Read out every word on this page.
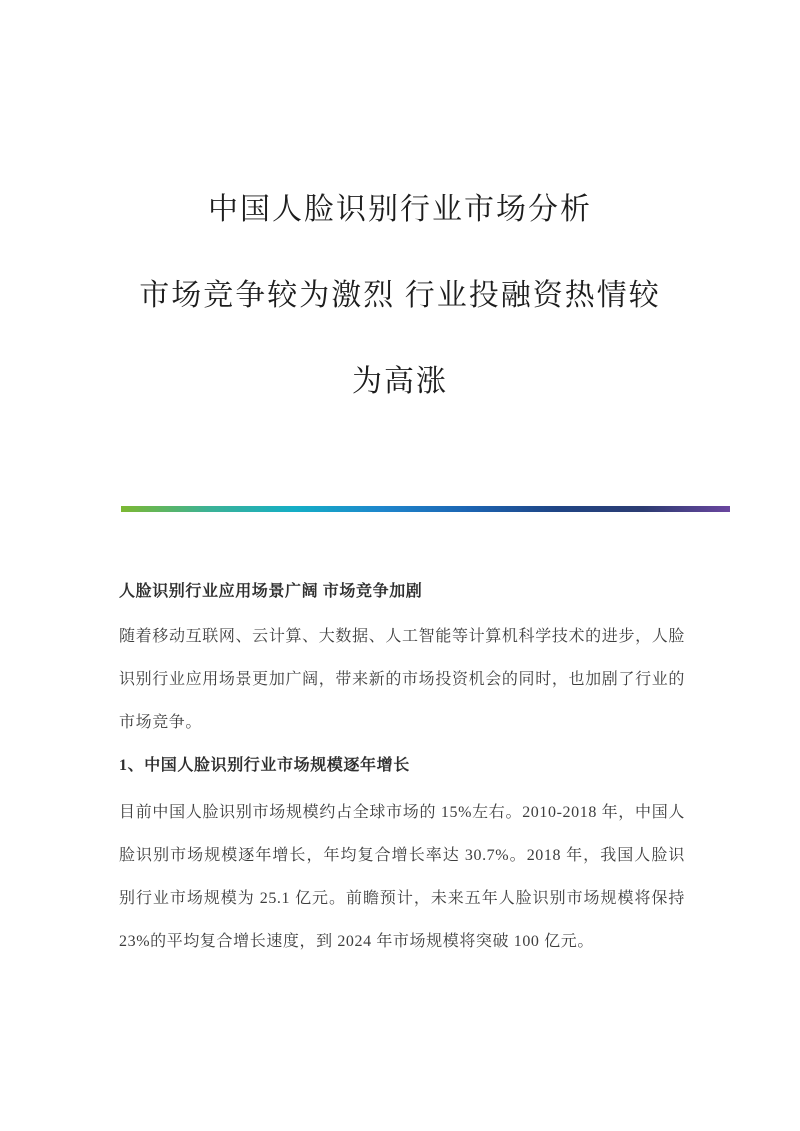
中国人脸识别行业市场分析
市场竞争较为激烈 行业投融资热情较
为高涨
人脸识别行业应用场景广阔 市场竞争加剧

随着移动互联网、云计算、大数据、人工智能等计算机科学技术的进步，人脸识别行业应用场景更加广阔，带来新的市场投资机会的同时，也加剧了行业的市场竞争。

1、中国人脸识别行业市场规模逐年增长

目前中国人脸识别市场规模约占全球市场的 15%左右。2010-2018 年，中国人脸识别市场规模逐年增长，年均复合增长率达 30.7%。2018 年，我国人脸识别行业市场规模为 25.1 亿元。前瞻预计，未来五年人脸识别市场规模将保持 23%的平均复合增长速度，到 2024 年市场规模将突破 100 亿元。
